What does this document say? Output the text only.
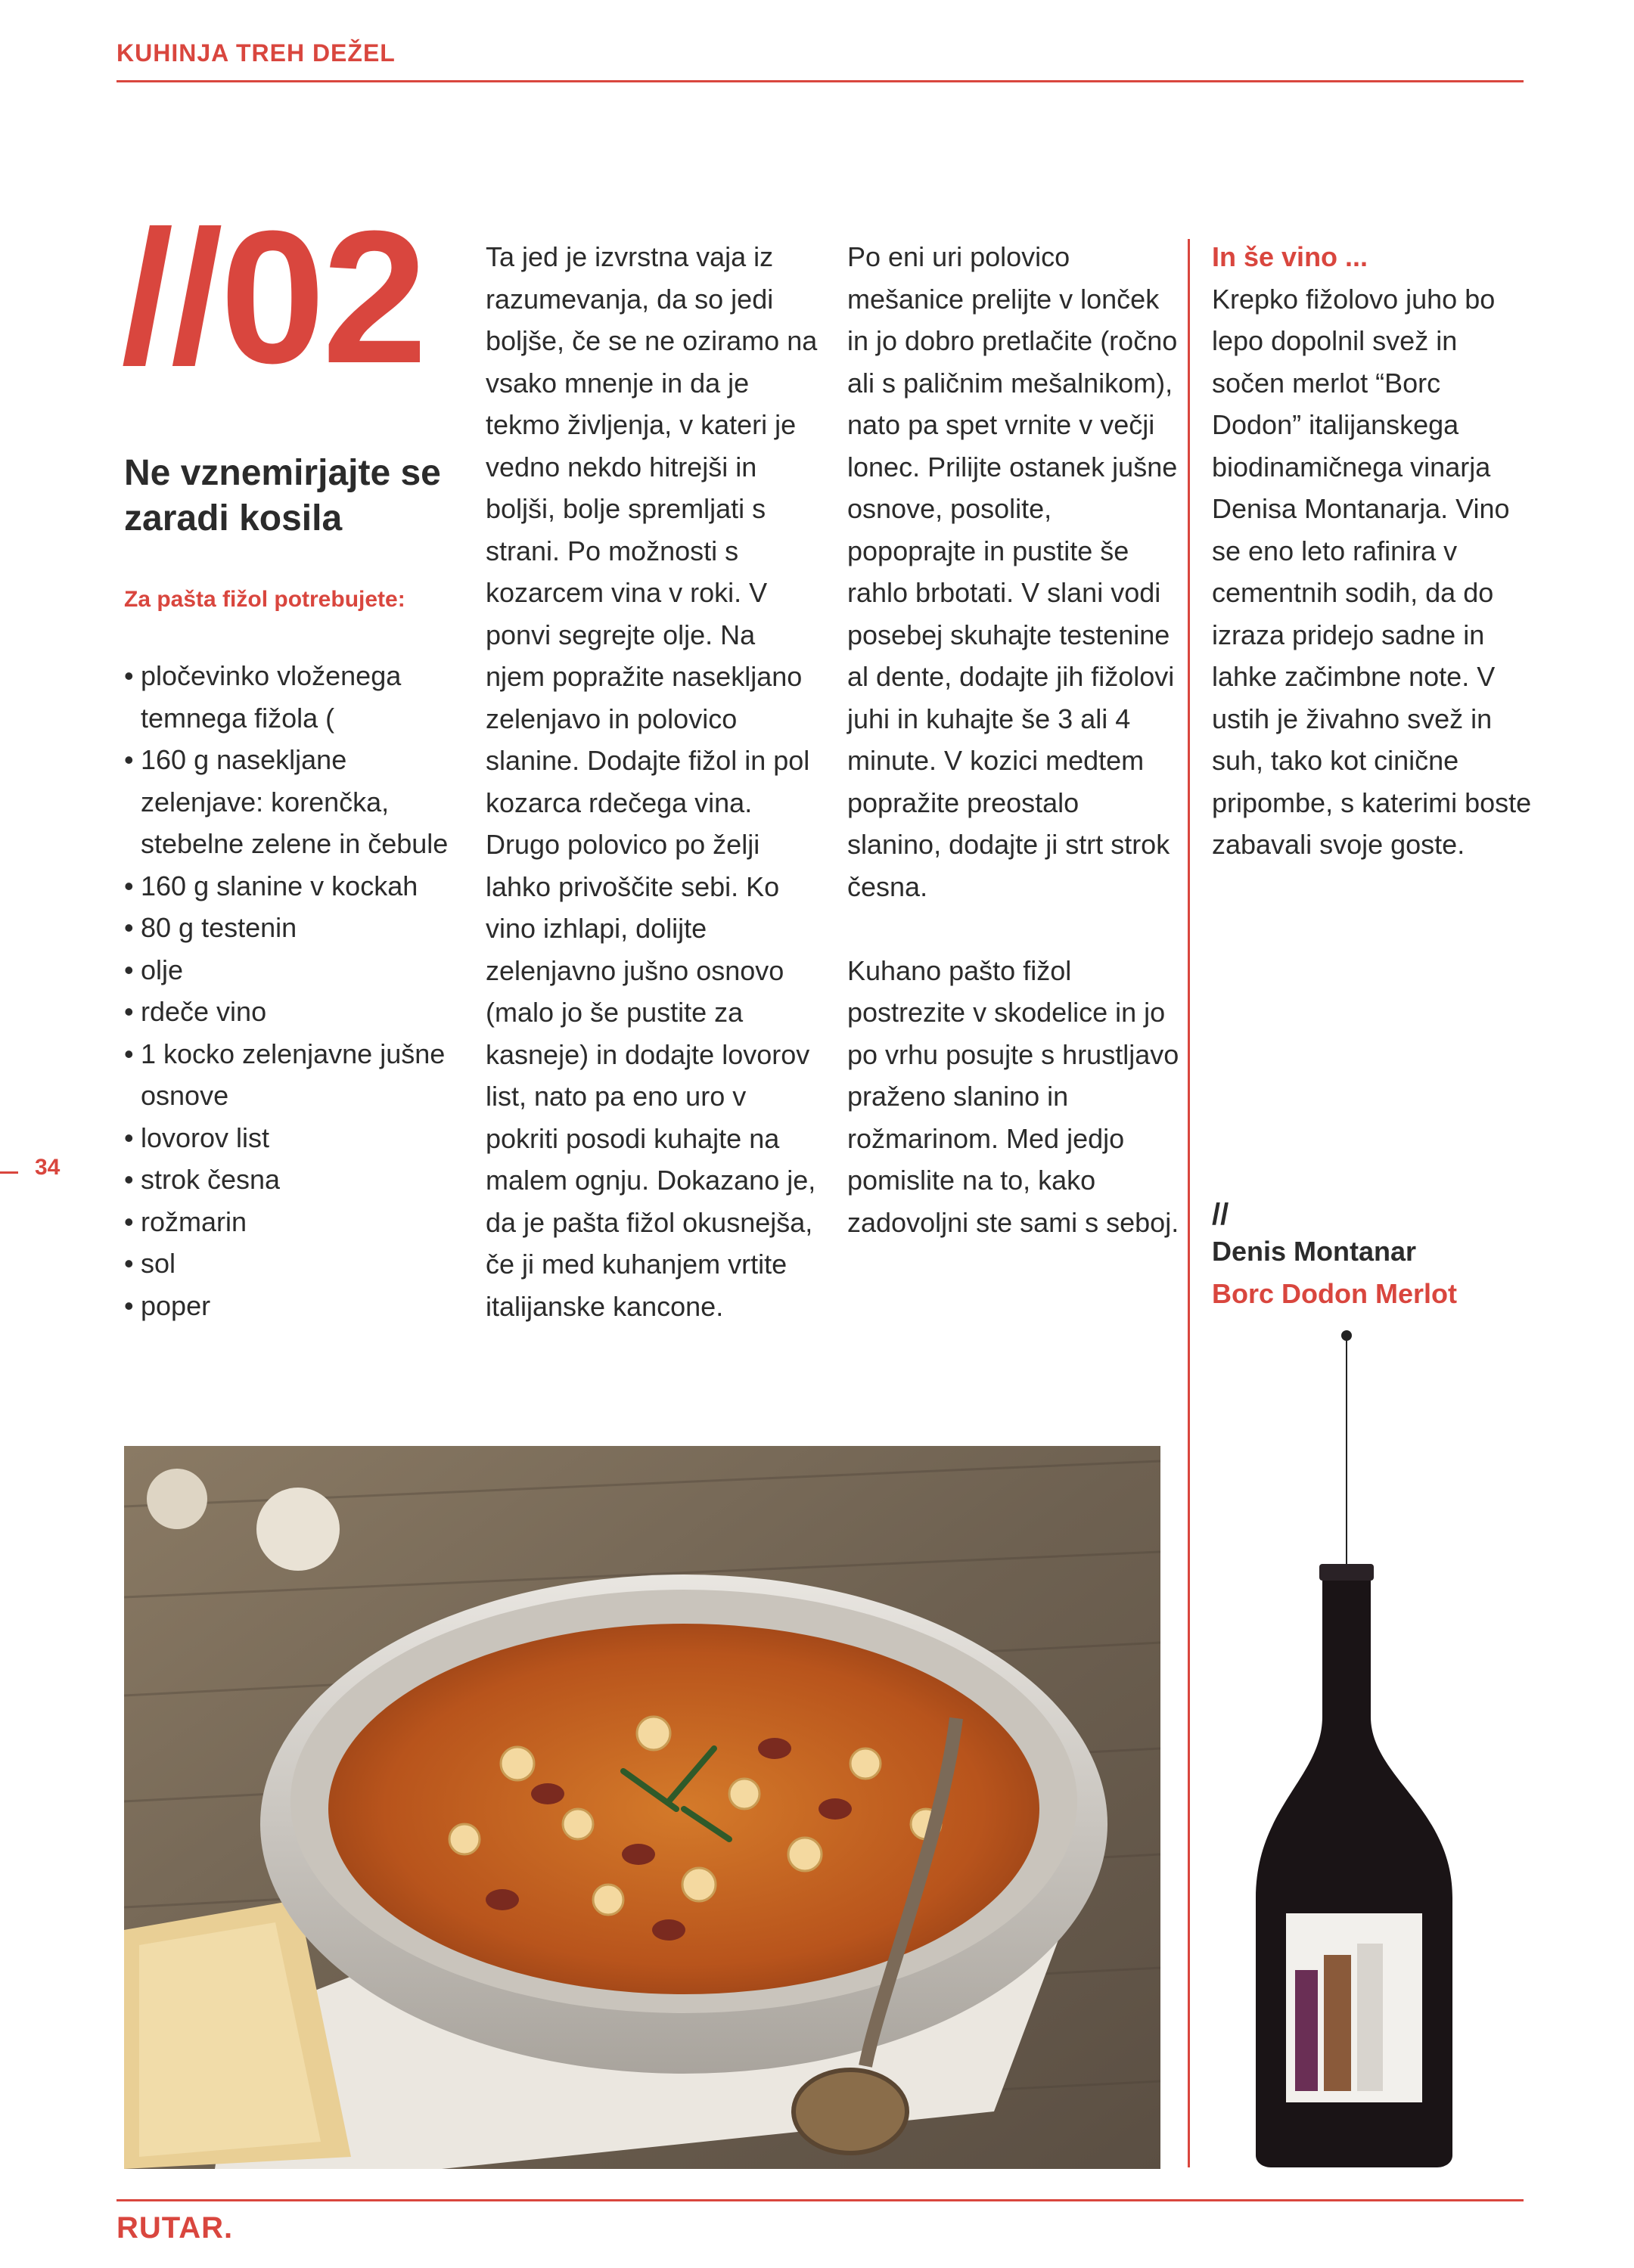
KUHINJA TREH DEŽEL
//02
Ne vznemirjajte se zaradi kosila
Za pašta fižol potrebujete:
• pločevinko vloženega temnega fižola (
• 160 g nasekljane zelenjave: korenčka, stebelne zelene in čebule
• 160 g slanine v kockah
• 80 g testenin
• olje
• rdeče vino
• 1 kocko zelenjavne jušne osnove
• lovorov list
• strok česna
• rožmarin
• sol
• poper

Ta jed je izvrstna vaja iz razumevanja, da so jedi boljše, če se ne oziramo na vsako mnenje in da je tekmo življenja, v kateri je vedno nekdo hitrejši in boljši, bolje spremljati s strani. Po možnosti s kozarcem vina v roki. V ponvi segrejte olje. Na njem popražite nasekljano zelenjavo in polovico slanine. Dodajte fižol in pol kozarca rdečega vina. Drugo polovico po želji lahko privoščite sebi. Ko vino izhlapi, dolijte zelenjavno jušno osnovo (malo jo še pustite za kasneje) in dodajte lovorov list, nato pa eno uro v pokriti posodi kuhajte na malem ognju. Dokazano je, da je pašta fižol okusnejša, če ji med kuhanjem vrtite italijanske kancone.

Po eni uri polovico mešanice prelijte v lonček in jo dobro pretlačite (ročno ali s paličnim mešalnikom), nato pa spet vrnite v večji lonec. Prilijte ostanek jušne osnove, posolite, popoprajte in pustite še rahlo brbotati. V slani vodi posebej skuhajte testenine al dente, dodajte jih fižolovi juhi in kuhajte še 3 ali 4 minute. V kozici medtem popražite preostalo slanino, dodajte ji strt strok česna.

Kuhano pašto fižol postrezite v skodelice in jo po vrhu posujte s hrustljavo praženo slanino in rožmarinom. Med jedjo pomislite na to, kako zadovoljni ste sami s seboj.

In še vino ...

Krepko fižolovo juho bo lepo dopolnil svež in sočen merlot “Borc Dodon” italijanskega biodinamičnega vinarja Denisa Montanarja. Vino se eno leto rafinira v cementnih sodih, da do izraza pridejo sadne in lahke začimbne note. V ustih je živahno svež in suh, tako kot cinične pripombe, s katerimi boste zabavali svoje goste.

34
//
Denis Montanar
Borc Dodon Merlot
RUTAR.
